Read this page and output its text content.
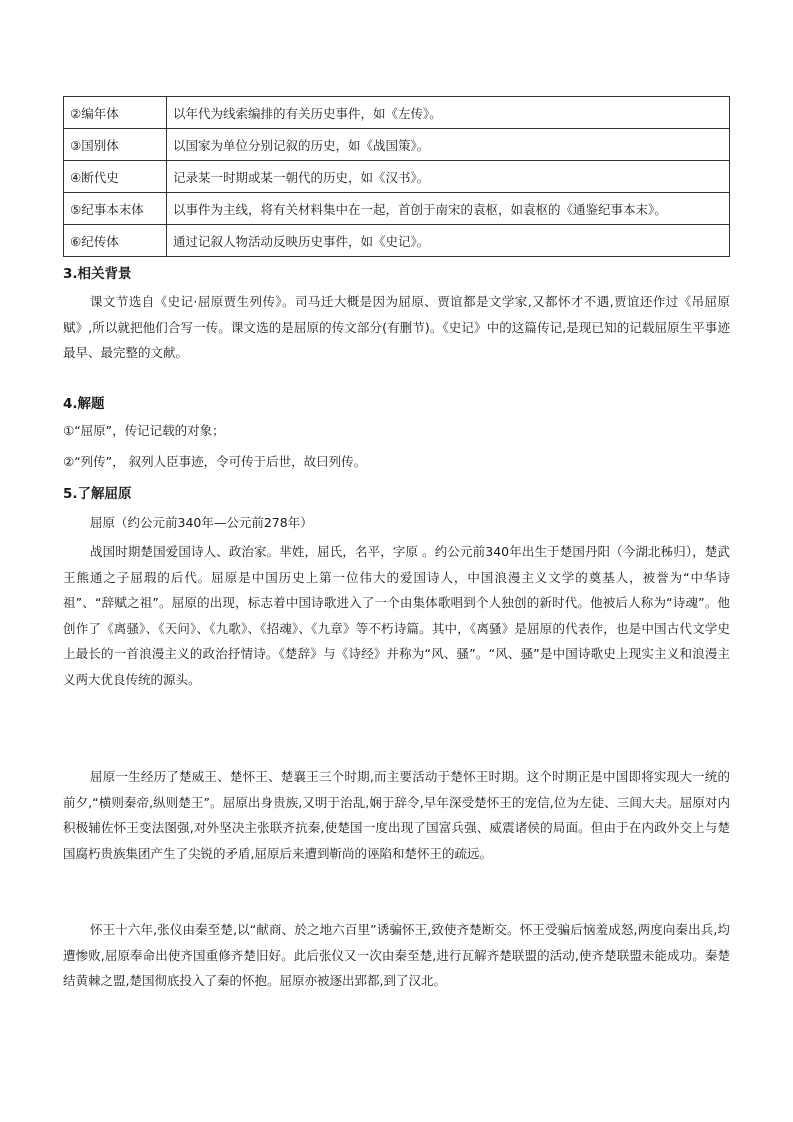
②编年体	以年代为线索编排的有关历史事件，如《左传》。
③国别体	以国家为单位分别记叙的历史，如《战国策》。
④断代史	记录某一时期或某一朝代的历史，如《汉书》。
⑤纪事本末体	以事件为主线，将有关材料集中在一起，首创于南宋的袁枢，如袁枢的《通鉴纪事本末》。
⑥纪传体	通过记叙人物活动反映历史事件，如《史记》。
3.相关背景

课文节选自《史记·屈原贾生列传》。司马迁大概是因为屈原、贾谊都是文学家,又都怀才不遇,贾谊还作过《吊屈原赋》,所以就把他们合写一传。课文选的是屈原的传文部分(有删节)。《史记》中的这篇传记,是现已知的记载屈原生平事迹最早、最完整的文献。

4.解题

①“屈原”，传记记载的对象；

②“列传”， 叙列人臣事迹，令可传于后世，故曰列传。

5.了解屈原

屈原（约公元前340年—公元前278年）

战国时期楚国爱国诗人、政治家。芈姓，屈氏，名平，字原 。约公元前340年出生于楚国丹阳（今湖北秭归），楚武王熊通之子屈瑕的后代。屈原是中国历史上第一位伟大的爱国诗人，中国浪漫主义文学的奠基人，被誉为“中华诗祖”、“辞赋之祖”。屈原的出现，标志着中国诗歌进入了一个由集体歌唱到个人独创的新时代。他被后人称为“诗魂”。他创作了《离骚》、《天问》、《九歌》、《招魂》、《九章》等不朽诗篇。其中，《离骚》是屈原的代表作，也是中国古代文学史上最长的一首浪漫主义的政治抒情诗。《楚辞》与《诗经》并称为“风、骚”。“风、骚”是中国诗歌史上现实主义和浪漫主义两大优良传统的源头。

屈原一生经历了楚威王、楚怀王、楚襄王三个时期,而主要活动于楚怀王时期。这个时期正是中国即将实现大一统的前夕,“横则秦帝,纵则楚王”。屈原出身贵族,又明于治乱,娴于辞令,早年深受楚怀王的宠信,位为左徒、三闾大夫。屈原对内积极辅佐怀王变法图强,对外坚决主张联齐抗秦,使楚国一度出现了国富兵强、威震诸侯的局面。但由于在内政外交上与楚国腐朽贵族集团产生了尖锐的矛盾,屈原后来遭到靳尚的诬陷和楚怀王的疏远。

怀王十六年,张仪由秦至楚,以“献商、於之地六百里”诱骗怀王,致使齐楚断交。怀王受骗后恼羞成怒,两度向秦出兵,均遭惨败,屈原奉命出使齐国重修齐楚旧好。此后张仪又一次由秦至楚,进行瓦解齐楚联盟的活动,使齐楚联盟未能成功。秦楚结黄棘之盟,楚国彻底投入了秦的怀抱。屈原亦被逐出郢都,到了汉北。
